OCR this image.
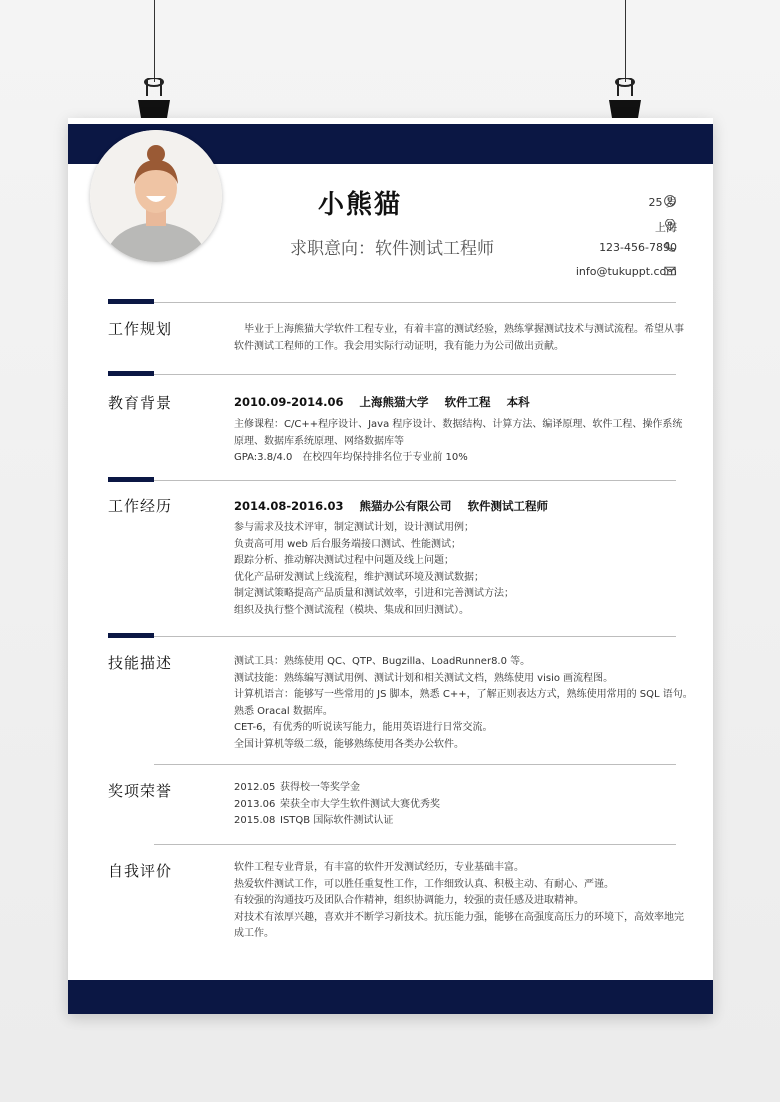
小熊猫
求职意向：软件测试工程师
25 岁
上海
123-456-7890
info@tukuppt.com
工作规划	　毕业于上海熊猫大学软件工程专业，有着丰富的测试经验，熟练掌握测试技术与测试流程。希望从事
软件测试工程师的工作。我会用实际行动证明，我有能力为公司做出贡献。
教育背景	2010.09-2014.06 上海熊猫大学 软件工程 本科
主修课程：C/C++程序设计、Java 程序设计、数据结构、计算方法、编译原理、软件工程、操作系统
原理、数据库系统原理、网络数据库等
GPA:3.8/4.0　在校四年均保持排名位于专业前 10%
工作经历	2014.08-2016.03 熊猫办公有限公司 软件测试工程师
参与需求及技术评审，制定测试计划，设计测试用例；
负责高可用 web 后台服务端接口测试、性能测试；
跟踪分析、推动解决测试过程中问题及线上问题；
优化产品研发测试上线流程，维护测试环境及测试数据；
制定测试策略提高产品质量和测试效率，引进和完善测试方法；
组织及执行整个测试流程（模块、集成和回归测试）。
技能描述	测试工具：熟练使用 QC、QTP、Bugzilla、LoadRunner8.0 等。
测试技能：熟练编写测试用例、测试计划和相关测试文档，熟练使用 visio 画流程图。
计算机语言：能够写一些常用的 JS 脚本，熟悉 C++，了解正则表达方式，熟练使用常用的 SQL 语句。
熟悉 Oracal 数据库。
CET-6，有优秀的听说读写能力，能用英语进行日常交流。
全国计算机等级二级，能够熟练使用各类办公软件。
奖项荣誉	2012.05 获得校一等奖学金
2013.06 荣获全市大学生软件测试大赛优秀奖
2015.08 ISTQB 国际软件测试认证
自我评价	软件工程专业背景，有丰富的软件开发测试经历，专业基础丰富。
热爱软件测试工作，可以胜任重复性工作，工作细致认真、积极主动、有耐心、严谨。
有较强的沟通技巧及团队合作精神，组织协调能力，较强的责任感及进取精神。
对技术有浓厚兴趣，喜欢并不断学习新技术。抗压能力强，能够在高强度高压力的环境下，高效率地完
成工作。
